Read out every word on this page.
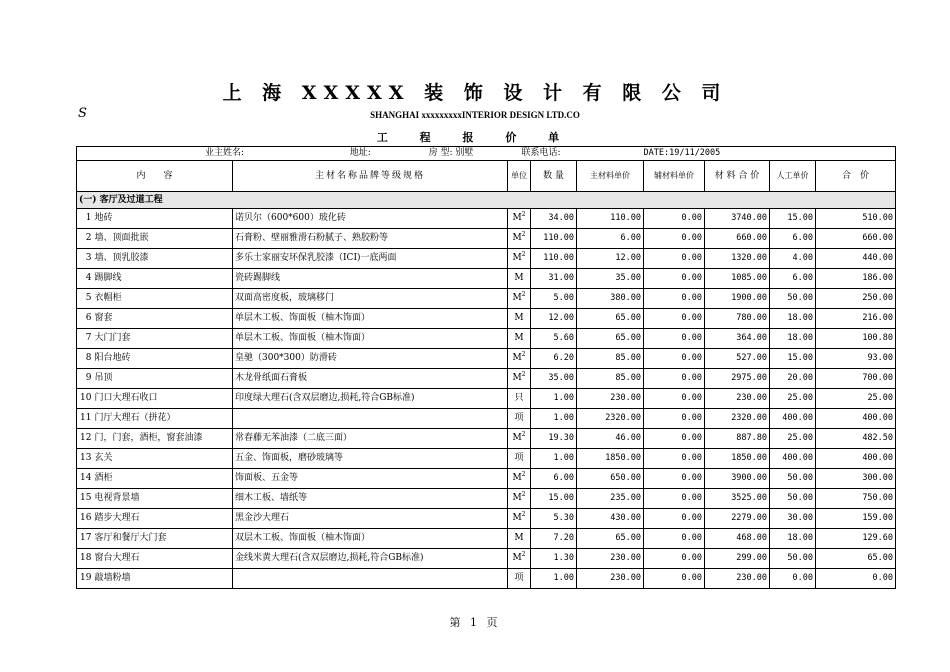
上 海 XXXXX 装 饰 设 计 有 限 公 司
S	SHANGHAI xxxxxxxxxINTERIOR DESIGN LTD.CO
工 程 报 价 单
业主姓名: 地址: 房 型: 别墅			联系电话:			DATE:19/11/2005			
内　　容		主材名称品牌等级规格	单位	数 量	主材料单价	辅材料单价	材 料 合 价	人工单价	合　价
(一) 客厅及过道工程									
1	地砖	诺贝尔（600*600）玻化砖	$M^2$	34.00	110.00	0.00	3740.00	15.00	510.00
2	墙、顶面批嵌	石膏粉、壁丽雅滑石粉腻子、熟胶粉等	$M^2$	110.00	6.00	0.00	660.00	6.00	660.00
3	墙、顶乳胶漆	多乐士家丽安环保乳胶漆（ICI)一底两面	$M^2$	110.00	12.00	0.00	1320.00	4.00	440.00
4	踢脚线	瓷砖踢脚线	M	31.00	35.00	0.00	1085.00	6.00	186.00
5	衣帽柜	双面高密度板，玻璃移门	$M^2$	5.00	380.00	0.00	1900.00	50.00	250.00
6	窗套	单层木工板、饰面板（柚木饰面）	M	12.00	65.00	0.00	780.00	18.00	216.00
7	大门门套	单层木工板、饰面板（柚木饰面）	M	5.60	65.00	0.00	364.00	18.00	100.80
8	阳台地砖	皇驰（300*300）防滑砖	$M^2$	6.20	85.00	0.00	527.00	15.00	93.00
9	吊顶	木龙骨纸面石膏板	$M^2$	35.00	85.00	0.00	2975.00	20.00	700.00
10	门口大理石收口	印度绿大理石(含双层磨边,损耗,符合GB标准)	只	1.00	230.00	0.00	230.00	25.00	25.00
11	门厅大理石（拼花）		项	1.00	2320.00	0.00	2320.00	400.00	400.00
12	门，门套，酒柜，窗套油漆	常春藤无苯油漆（二底三面）	$M^2$	19.30	46.00	0.00	887.80	25.00	482.50
13	玄关	五金、饰面板，磨砂玻璃等	项	1.00	1850.00	0.00	1850.00	400.00	400.00
14	酒柜	饰面板、五金等	$M^2$	6.00	650.00	0.00	3900.00	50.00	300.00
15	电视背景墙	细木工板、墙纸等	$M^2$	15.00	235.00	0.00	3525.00	50.00	750.00
16	踏步大理石	黑金沙大理石	$M^2$	5.30	430.00	0.00	2279.00	30.00	159.00
17	客厅和餐厅大门套	双层木工板、饰面板（柚木饰面）	M	7.20	65.00	0.00	468.00	18.00	129.60
18	窗台大理石	金线米黄大理石(含双层磨边,损耗,符合GB标准)	$M^2$	1.30	230.00	0.00	299.00	50.00	65.00
19	敲墙粉墙		项	1.00	230.00	0.00	230.00	0.00	0.00
第 1 页
